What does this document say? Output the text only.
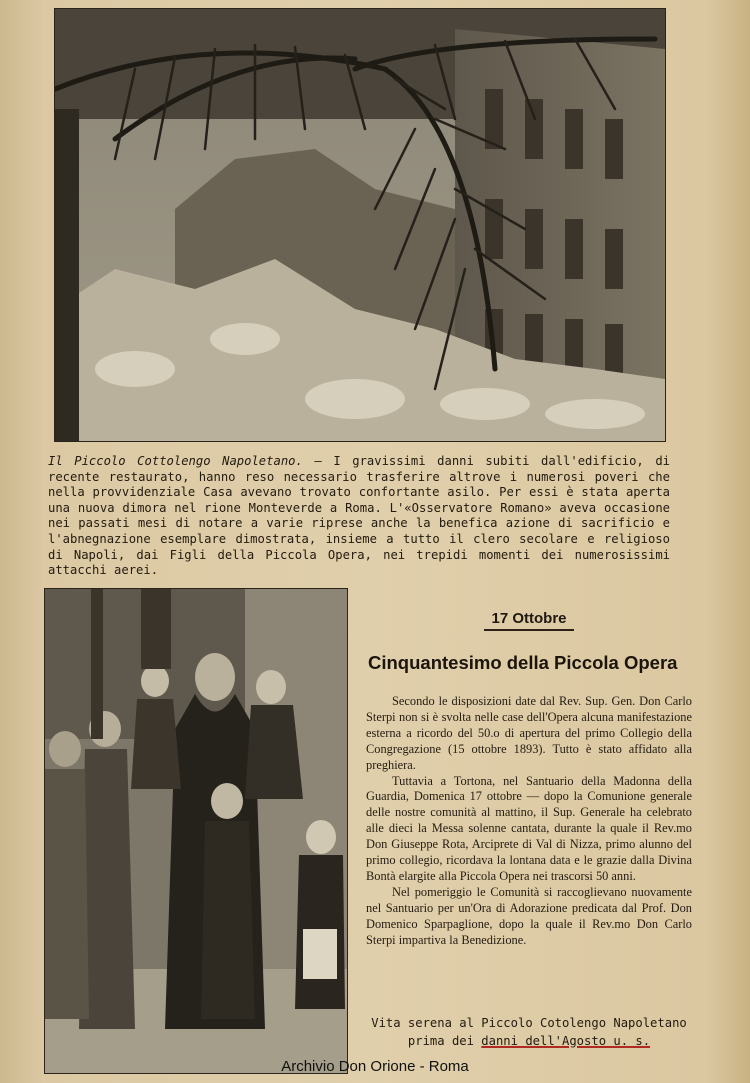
Il Piccolo Cottolengo Napoletano. — I gravissimi danni subiti dall'edificio, di recente restaurato, hanno reso necessario trasferire altrove i numerosi poveri che nella provvidenziale Casa avevano trovato confortante asilo. Per essi è stata aperta una nuova dimora nel rione Monteverde a Roma. L'«Osservatore Romano» aveva occasione nei passati mesi di notare a varie riprese anche la benefica azione di sacrificio e l'abnegnazione esemplare dimostrata, insieme a tutto il clero secolare e religioso di Napoli, dai Figli della Piccola Opera, nei trepidi momenti dei numerosissimi attacchi aerei.
17 Ottobre
Cinquantesimo della Piccola Opera

Secondo le disposizioni date dal Rev. Sup. Gen. Don Carlo Sterpi non si è svolta nelle case dell'Opera alcuna manifestazione esterna a ricordo del 50.o di apertura del primo Collegio della Congregazione (15 ottobre 1893). Tutto è stato affidato alla preghiera.

Tuttavia a Tortona, nel Santuario della Madonna della Guardia, Domenica 17 ottobre — dopo la Comunione generale delle nostre comunità al mattino, il Sup. Generale ha celebrato alle dieci la Messa solenne cantata, durante la quale il Rev.mo Don Giuseppe Rota, Arciprete di Val di Nizza, primo alunno del primo collegio, ricordava la lontana data e le grazie dalla Divina Bontà elargite alla Piccola Opera nei trascorsi 50 anni.

Nel pomeriggio le Comunità si raccoglievano nuovamente nel Santuario per un'Ora di Adorazione predicata dal Prof. Don Domenico Sparpaglione, dopo la quale il Rev.mo Don Carlo Sterpi impartiva la Benedizione.

Vita serena al Piccolo Cotolengo Napoletano
prima dei danni dell'Agosto u. s.
Archivio Don Orione - Roma
